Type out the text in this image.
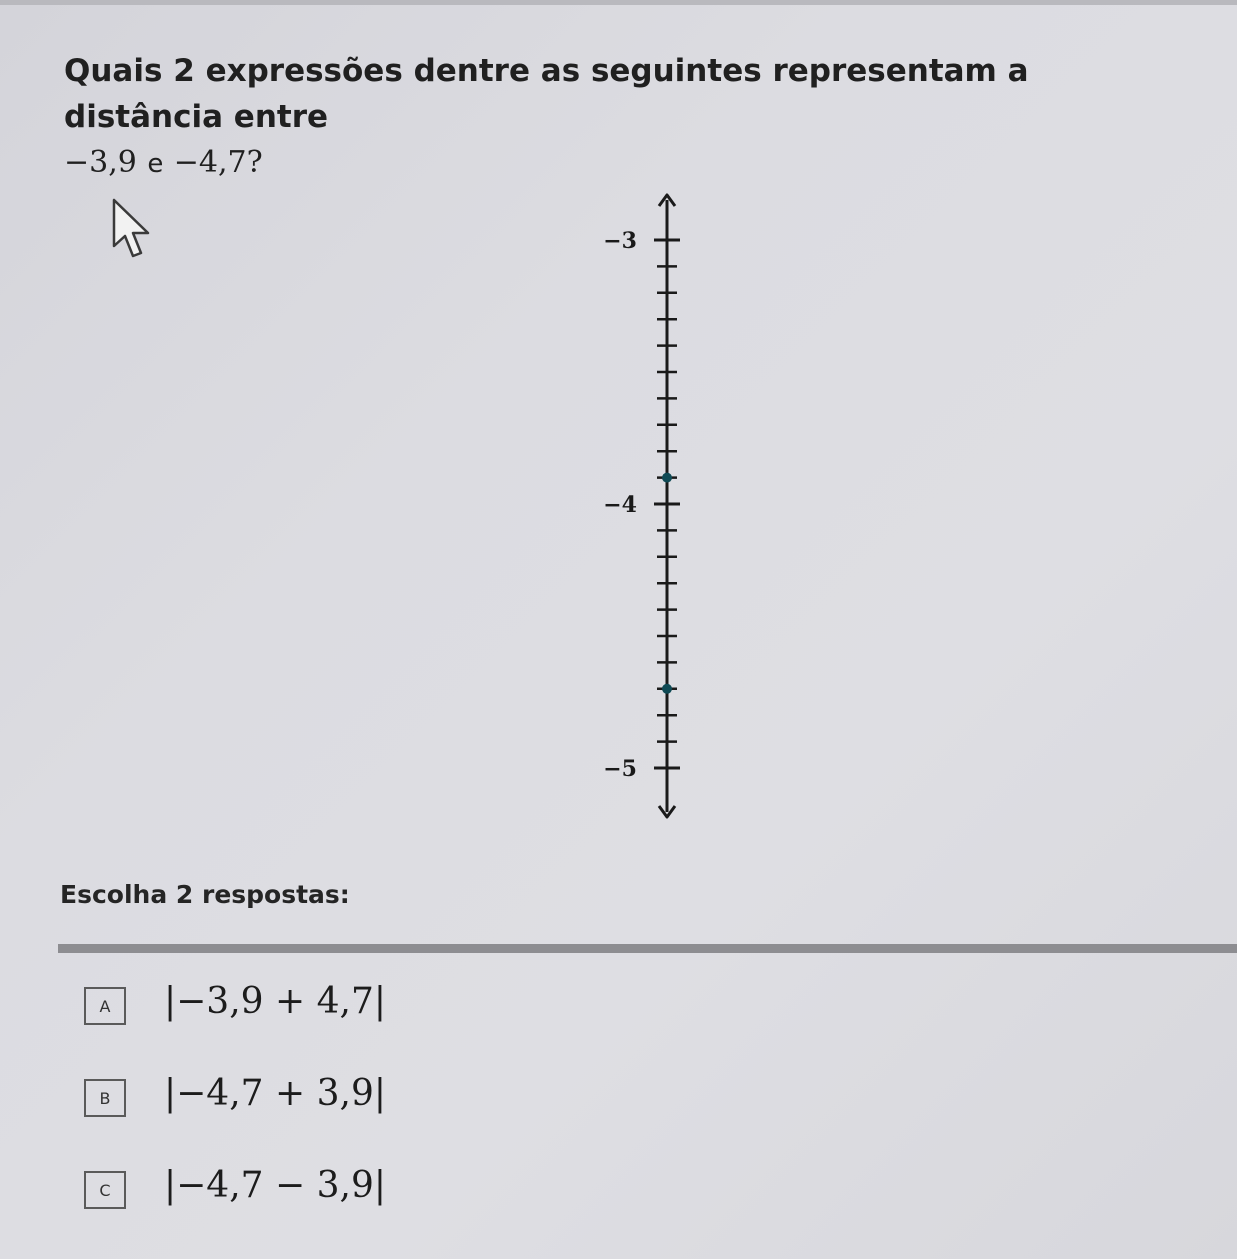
Quais 2 expressões dentre as seguintes representam a distância entre
−3,9 e −4,7?
−3
−4
−5
Escolha 2 respostas:
A	|−3,9 + 4,7|
B	|−4,7 + 3,9|
C	|−4,7 − 3,9|
